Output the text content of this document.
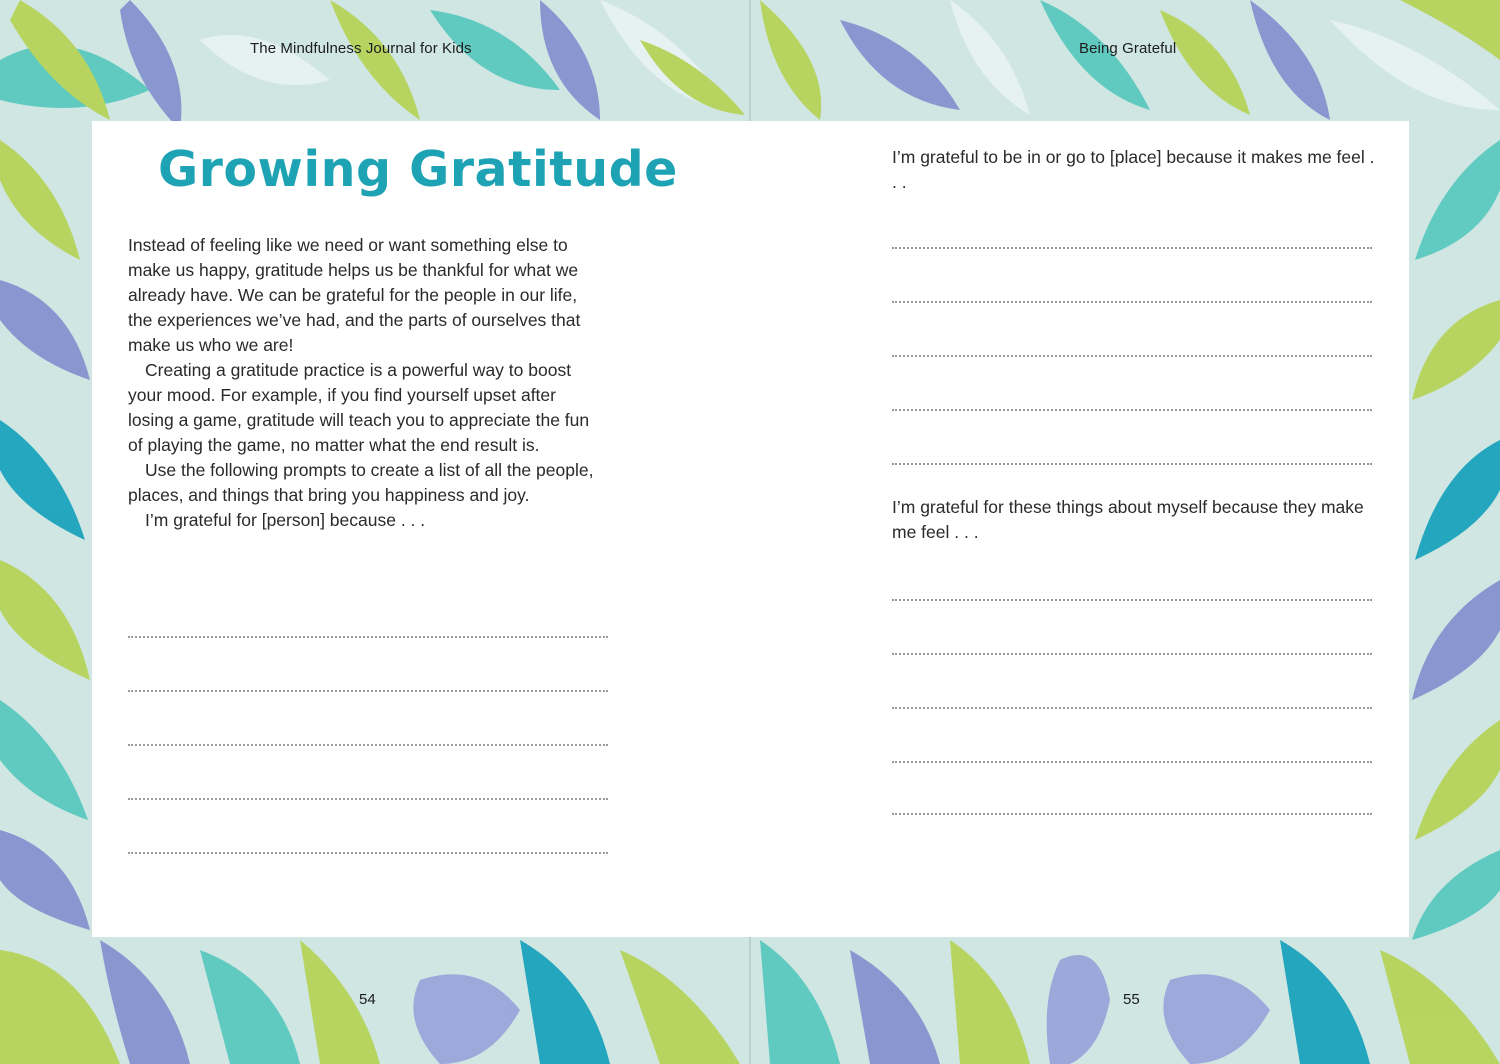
The Mindfulness Journal for Kids	Being Grateful
Growing Gratitude

Instead of feeling like we need or want something else to make us happy, gratitude helps us be thankful for what we already have. We can be grateful for the people in our life, the experiences we’ve had, and the parts of ourselves that make us who we are!

Creating a gratitude practice is a powerful way to boost your mood. For example, if you find yourself upset after losing a game, gratitude will teach you to appreciate the fun of playing the game, no matter what the end result is.

Use the following prompts to create a list of all the people, places, and things that bring you happiness and joy.

I’m grateful for [person] because . . .

I’m grateful to be in or go to [place] because it makes me feel . . .
I’m grateful for these things about myself because they make me feel . . .
54	55
